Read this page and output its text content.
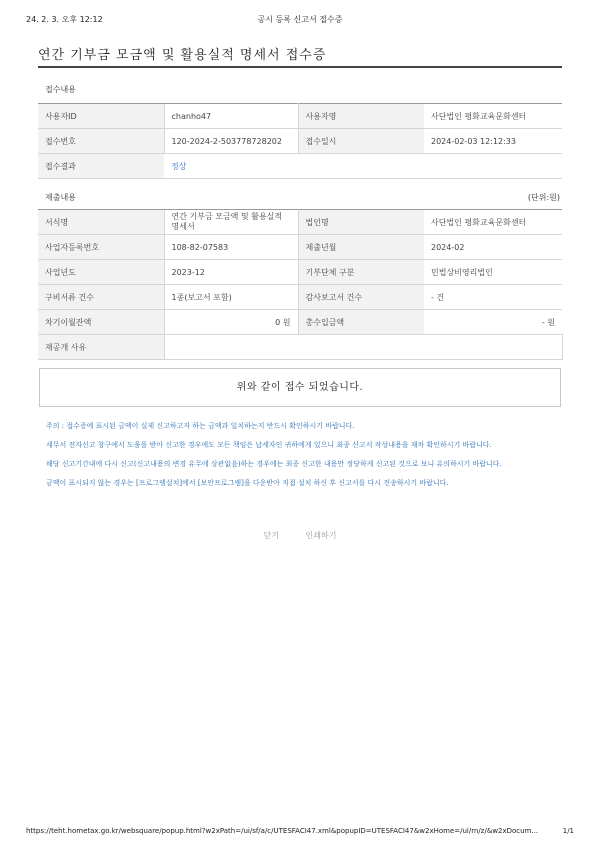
24. 2. 3. 오후 12:12	공시 등록 신고서 접수증
연간 기부금 모금액 및 활용실적 명세서 접수증
접수내용
사용자ID	chanho47	사용자명	사단법인 평화교육문화센터
접수번호	120-2024-2-503778728202	접수일시	2024-02-03 12:12:33
접수결과	정상		
제출내용	(단위:원)
서식명	연간 기부금 모금액 및 활용실적 명세서	법인명	사단법인 평화교육문화센터
사업자등록번호	108-82-07583	제출년월	2024-02
사업년도	2023-12	기부단체 구분	민법상비영리법인
구비서류 건수	1종(보고서 포함)	감사보고서 건수	- 건
차기이월잔액	0 원	총수입금액	- 원
재공개 사유			
위와 같이 접수 되었습니다.

주의 : 접수증에 표시된 금액이 실제 신고하고자 하는 금액과 일치하는지 반드시 확인하시기 바랍니다.

세무서 전자신고 창구에서 도움을 받아 신고한 경우에도 모든 책임은 납세자인 귀하에게 있으니 최종 신고서 작성내용을 재차 확인하시기 바랍니다.

해당 신고기간내에 다시 신고(신고내용의 변경 유무에 상관없음)하는 경우에는 최종 신고한 내용만 정당하게 신고된 것으로 보니 유의하시기 바랍니다.

금액이 표시되지 않는 경우는 [프로그램설치]에서 [보안프로그램]을 다운받아 직접 설치 하신 후 신고서를 다시 전송하시기 바랍니다.

닫기	인쇄하기
https://teht.hometax.go.kr/websquare/popup.html?w2xPath=/ui/sf/a/c/UTESFACI47.xml&popupID=UTESFACI47&w2xHome=/ui/rn/z/&w2xDocum...	1/1
